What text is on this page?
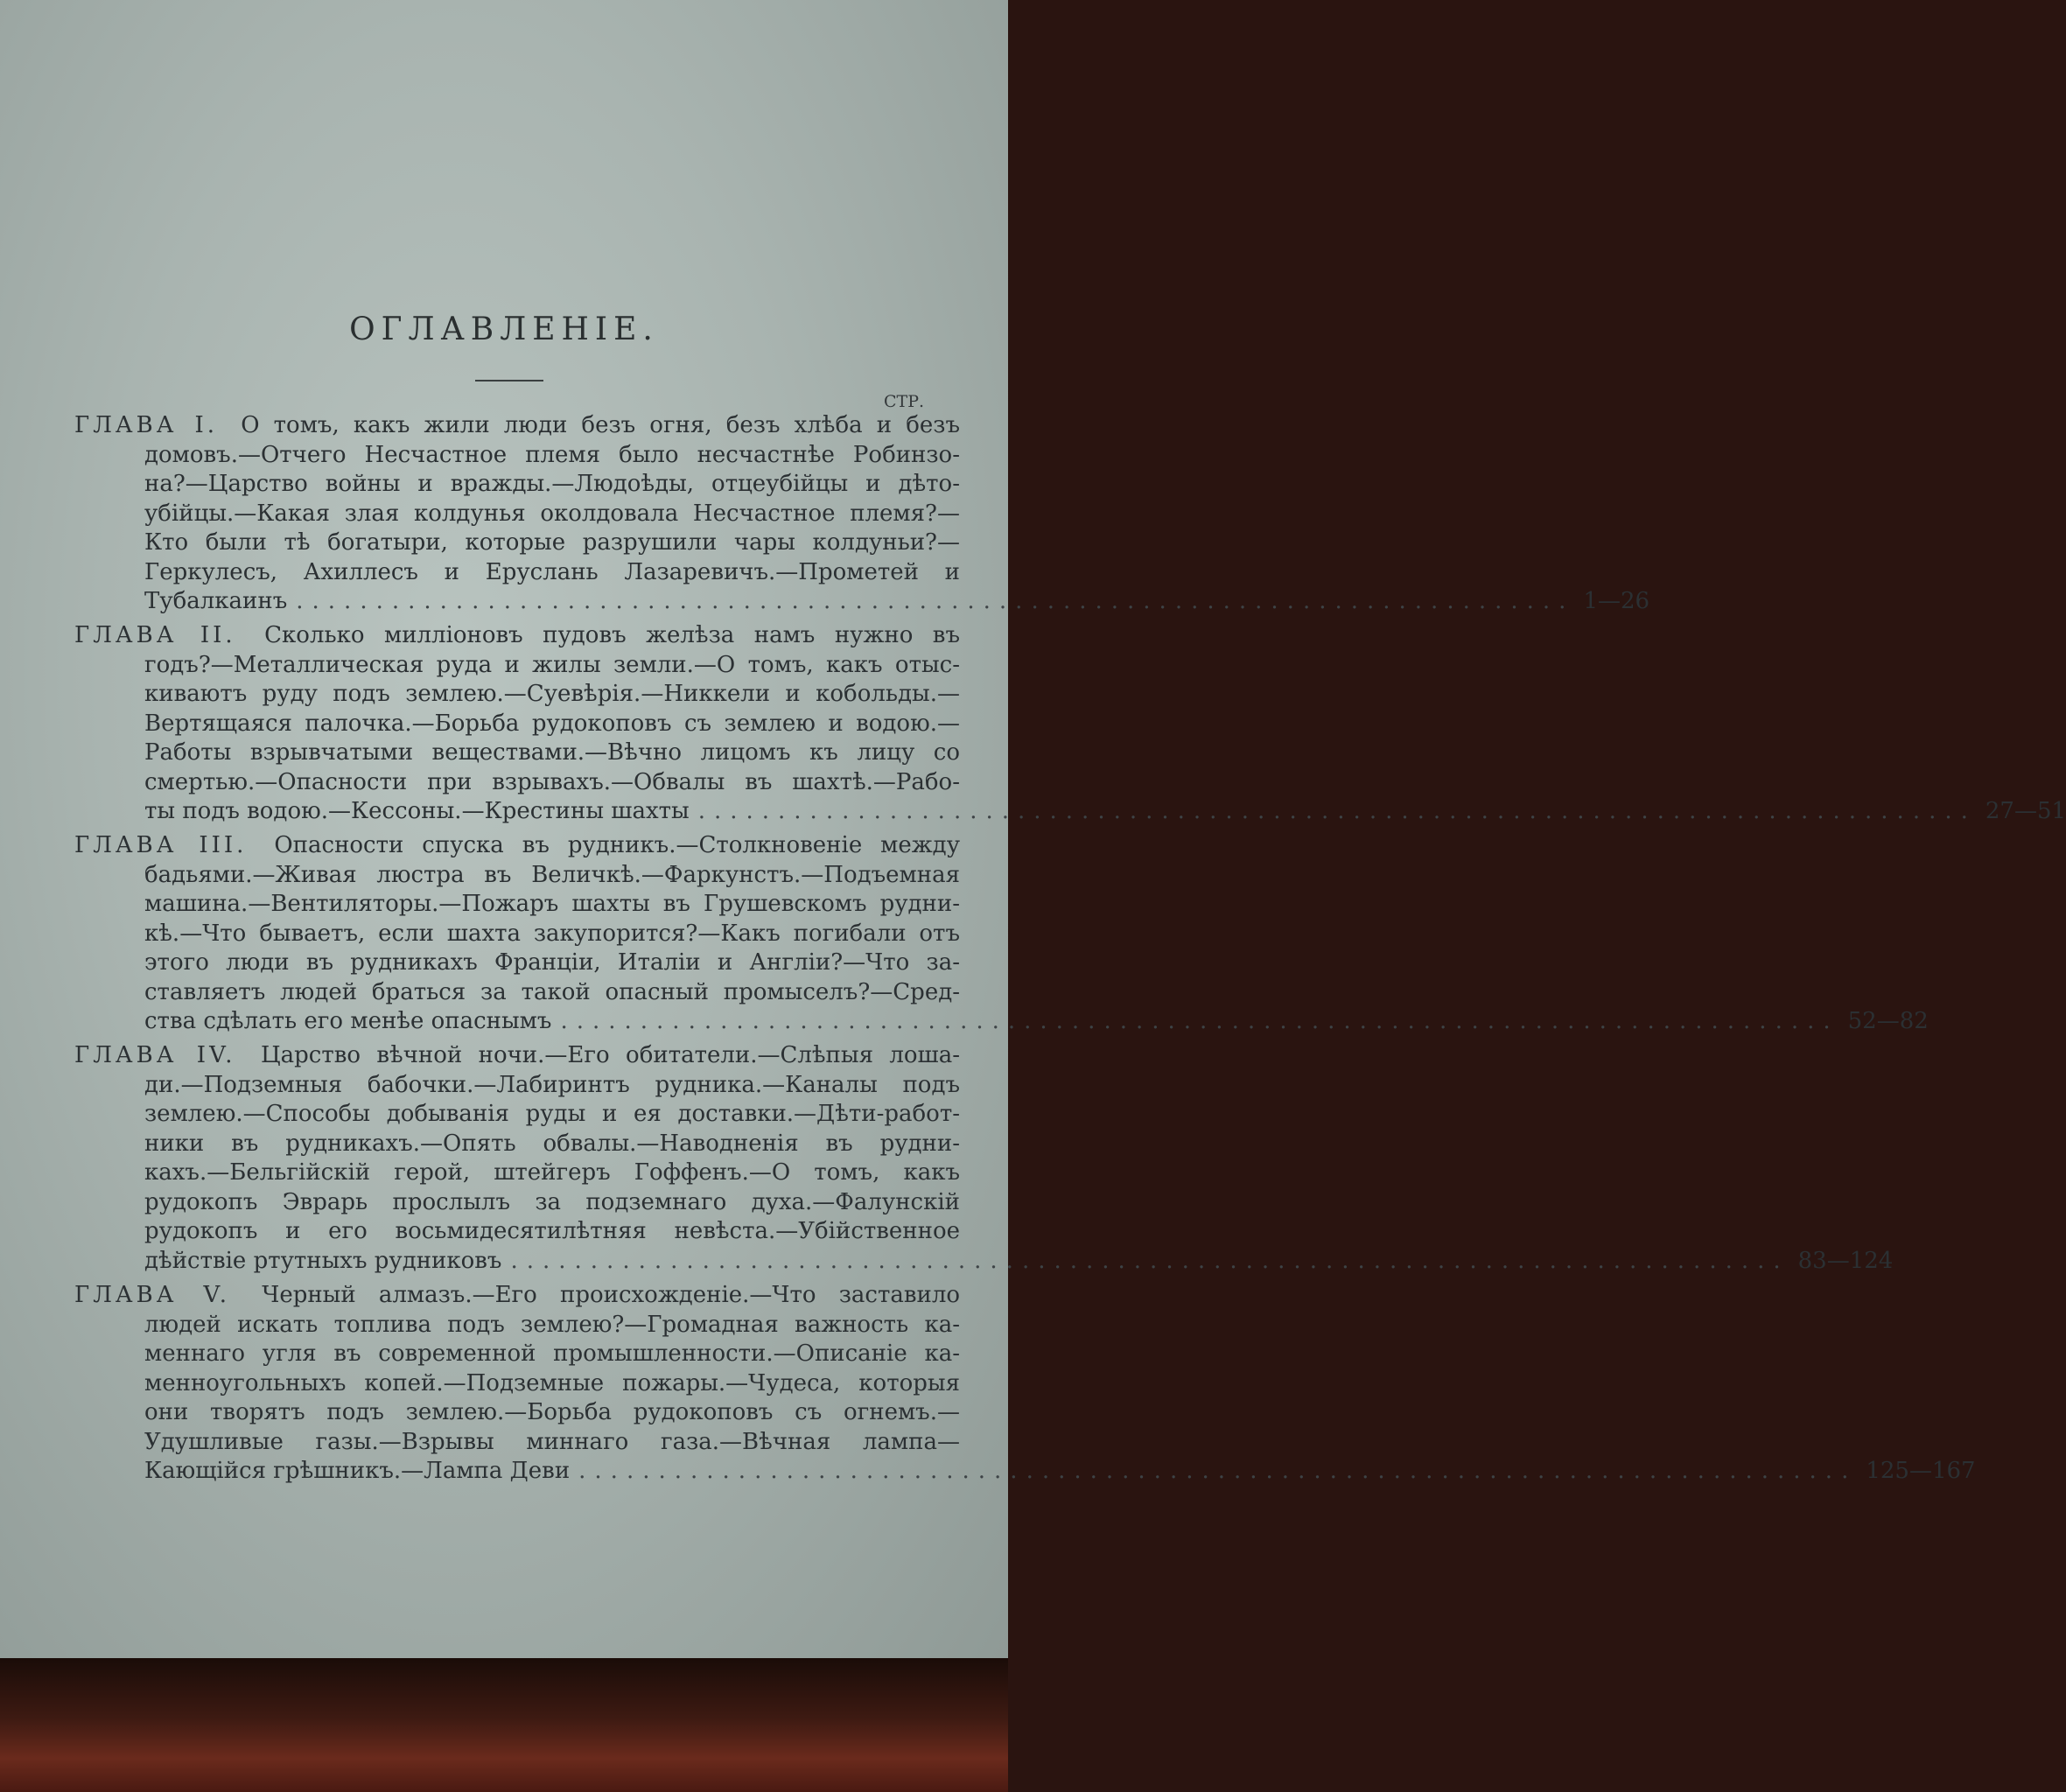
ОГЛАВЛЕНІЕ.
СТР.
ГЛАВА I. О томъ, какъ жили люди безъ огня, безъ хлѣба и безъ
домовъ.—Отчего Несчастное племя было несчастнѣе Робинзо-
на?—Царство войны и вражды.—Людоѣды, отцеубійцы и дѣто-
убійцы.—Какая злая колдунья околдовала Несчастное племя?—
Кто были тѣ богатыри, которые разрушили чары колдуньи?—
Геркулесъ, Ахиллесъ и Еруслань Лазаревичъ.—Прометей и
Тубалкаинъ ................................................................................ 1—26
ГЛАВА II. Сколько милліоновъ пудовъ желѣза намъ нужно въ
годъ?—Металлическая руда и жилы земли.—О томъ, какъ отыс-
киваютъ руду подъ землею.—Суевѣрія.—Никкели и кобольды.—
Вертящаяся палочка.—Борьба рудокоповъ съ землею и водою.—
Работы взрывчатыми веществами.—Вѣчно лицомъ къ лицу со
смертью.—Опасности при взрывахъ.—Обвалы въ шахтѣ.—Рабо-
ты подъ водою.—Кессоны.—Крестины шахты ................................................................................ 27—51
ГЛАВА III. Опасности спуска въ рудникъ.—Столкновеніе между
бадьями.—Живая люстра въ Величкѣ.—Фаркунстъ.—Подъемная
машина.—Вентиляторы.—Пожаръ шахты въ Грушевскомъ рудни-
кѣ.—Что бываетъ, если шахта закупорится?—Какъ погибали отъ
этого люди въ рудникахъ Франціи, Италіи и Англіи?—Что за-
ставляетъ людей браться за такой опасный промыселъ?—Сред-
ства сдѣлать его менѣе опаснымъ ................................................................................ 52—82
ГЛАВА IV. Царство вѣчной ночи.—Его обитатели.—Слѣпыя лоша-
ди.—Подземныя бабочки.—Лабиринтъ рудника.—Каналы подъ
землею.—Способы добыванія руды и ея доставки.—Дѣти-работ-
ники въ рудникахъ.—Опять обвалы.—Наводненія въ рудни-
кахъ.—Бельгійскій герой, штейгеръ Гоффенъ.—О томъ, какъ
рудокопъ Эврарь прослылъ за подземнаго духа.—Фалунскій
рудокопъ и его восьмидесятилѣтняя невѣста.—Убійственное
дѣйствіе ртутныхъ рудниковъ ................................................................................ 83—124
ГЛАВА V. Черный алмазъ.—Его происхожденіе.—Что заставило
людей искать топлива подъ землею?—Громадная важность ка-
меннаго угля въ современной промышленности.—Описаніе ка-
менноугольныхъ копей.—Подземные пожары.—Чудеса, которыя
они творятъ подъ землею.—Борьба рудокоповъ съ огнемъ.—
Удушливые газы.—Взрывы миннаго газа.—Вѣчная лампа—
Кающійся грѣшникъ.—Лампа Деви ................................................................................ 125—167
